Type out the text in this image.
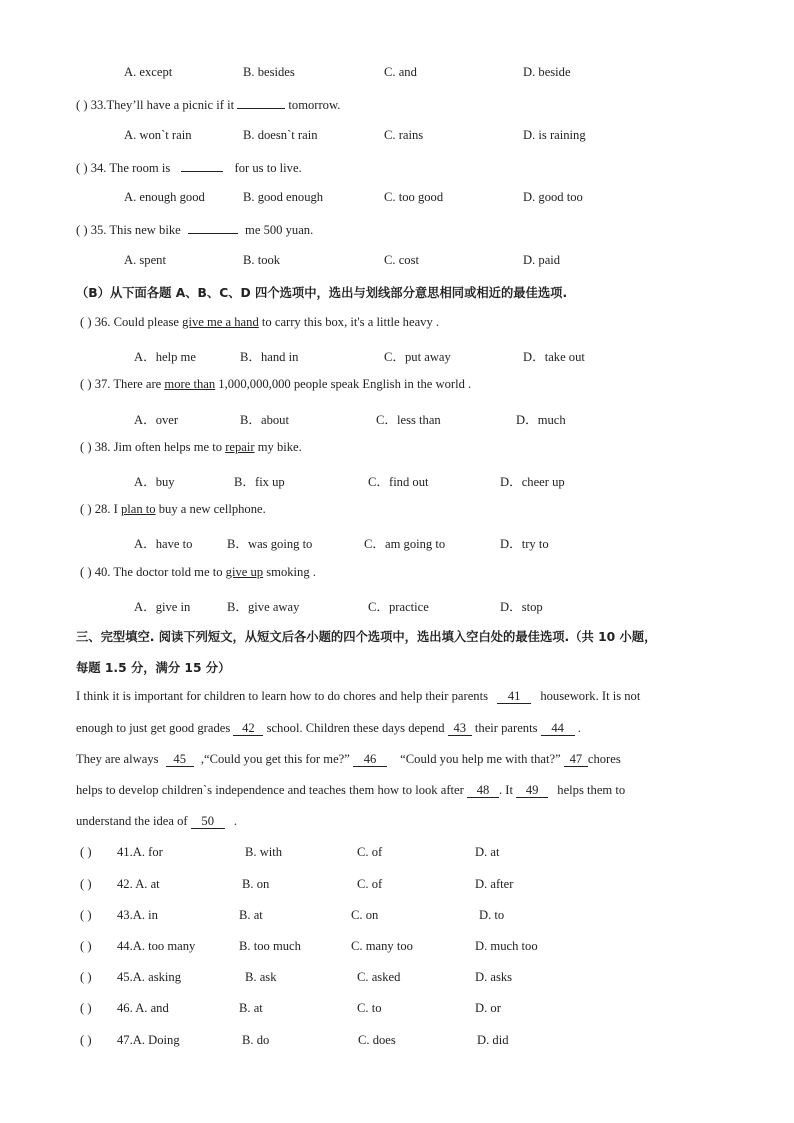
A. except	B. besides	C. and	D. beside
( ) 33.They’ll have a picnic if it	tomorrow.
A. won`t rain	B. doesn`t rain	C. rains	D. is raining
( ) 34. The room is	for us to live.
A. enough good	B. good enough	C. too good	D. good too
( ) 35. This new bike	me 500 yuan.
A. spent	B. took	C. cost	D. paid
（B）从下面各题 A、B、C、D 四个选项中，选出与划线部分意思相同或相近的最佳选项.
( ) 36. Could please give me a hand to carry this box, it's a little heavy .
A．help me	B．hand in	C．put away	D．take out
( ) 37. There are more than 1,000,000,000 people speak English in the world .
A．over	B．about	C．less than	D．much
( ) 38. Jim often helps me to repair my bike.
A．buy	B．fix up	C．find out	D．cheer up
( ) 28. I plan to buy a new cellphone.
A．have to	B．was going to	C．am going to	D．try to
( ) 40. The doctor told me to give up smoking .
A．give in	B．give away	C．practice	D．stop
三、完型填空. 阅读下列短文，从短文后各小题的四个选项中，选出填入空白处的最佳选项.（共 10 小题，
每题 1.5 分，满分 15 分）
I think it is important for children to learn how to do chores and help their parents 41 housework. It is not
enough to just get good grades 42 school. Children these days depend 43 their parents 44 .
They are always 45 ,“Could you get this for me?” 46 “Could you help me with that?” 47 chores
helps to develop children`s independence and teaches them how to look after 48 . It 49 helps them to
understand the idea of 50 .
( ) 41.A. for	B. with	C. of	D. at
( ) 42. A. at	B. on	C. of	D. after
( ) 43.A. in	B. at	C. on	D. to
( ) 44.A. too many	B. too much	C. many too	D. much too
( ) 45.A. asking	B. ask	C. asked	D. asks
( ) 46. A. and	B. at	C. to	D. or
( ) 47.A. Doing	B. do	C. does	D. did
